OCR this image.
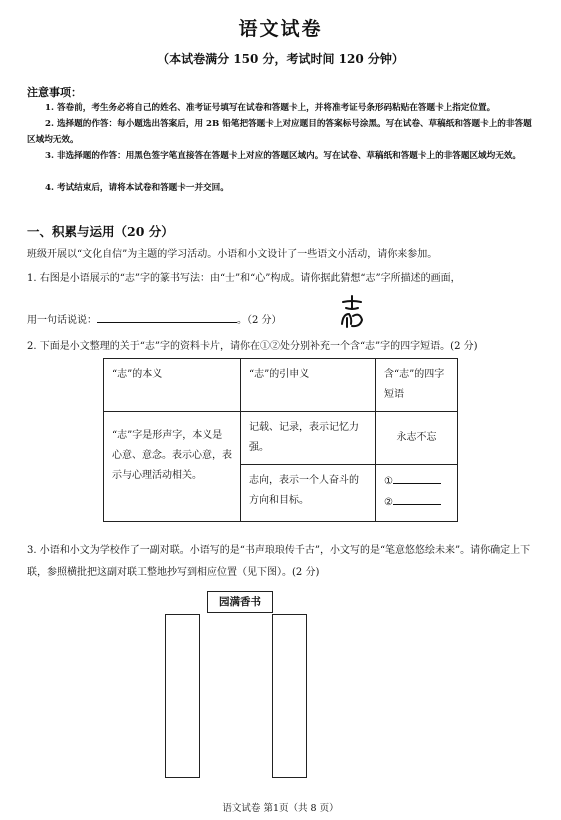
语文试卷
（本试卷满分 150 分，考试时间 120 分钟）
注意事项：
1. 答卷前，考生务必将自己的姓名、准考证号填写在试卷和答题卡上，并将准考证号条形码粘贴在答题卡上指定位置。
2. 选择题的作答：每小题选出答案后，用 2B 铅笔把答题卡上对应题目的答案标号涂黑。写在试卷、草稿纸和答题卡上的非答题区域均无效。
3. 非选择题的作答：用黑色签字笔直接答在答题卡上对应的答题区域内。写在试卷、草稿纸和答题卡上的非答题区域均无效。
4. 考试结束后，请将本试卷和答题卡一并交回。
一、积累与运用（20 分）
班级开展以“文化自信”为主题的学习活动。小语和小文设计了一些语文小活动，请你来参加。
1. 右图是小语展示的“志”字的篆书写法：由“士”和“心”构成。请你据此猜想“志”字所描述的画面，
用一句话说说：	。（2 分）
2. 下面是小文整理的关于“志”字的资料卡片，请你在①②处分别补充一个含“志”字的四字短语。(2 分)
“志”的本义	“志”的引申义	含“志”的四字短语
“志”字是形声字，本义是心意、意念。表示心意，表示与心理活动相关。	记载、记录，表示记忆力强。	永志不忘
	志向，表示一个人奋斗的方向和目标。	①
②
3. 小语和小文为学校作了一副对联。小语写的是“书声琅琅传千古”，小文写的是“笔意悠悠绘未来”。请你确定上下联，参照横批把这副对联工整地抄写到相应位置（见下图）。(2 分)
园满香书
语文试卷 第1页（共 8 页）
